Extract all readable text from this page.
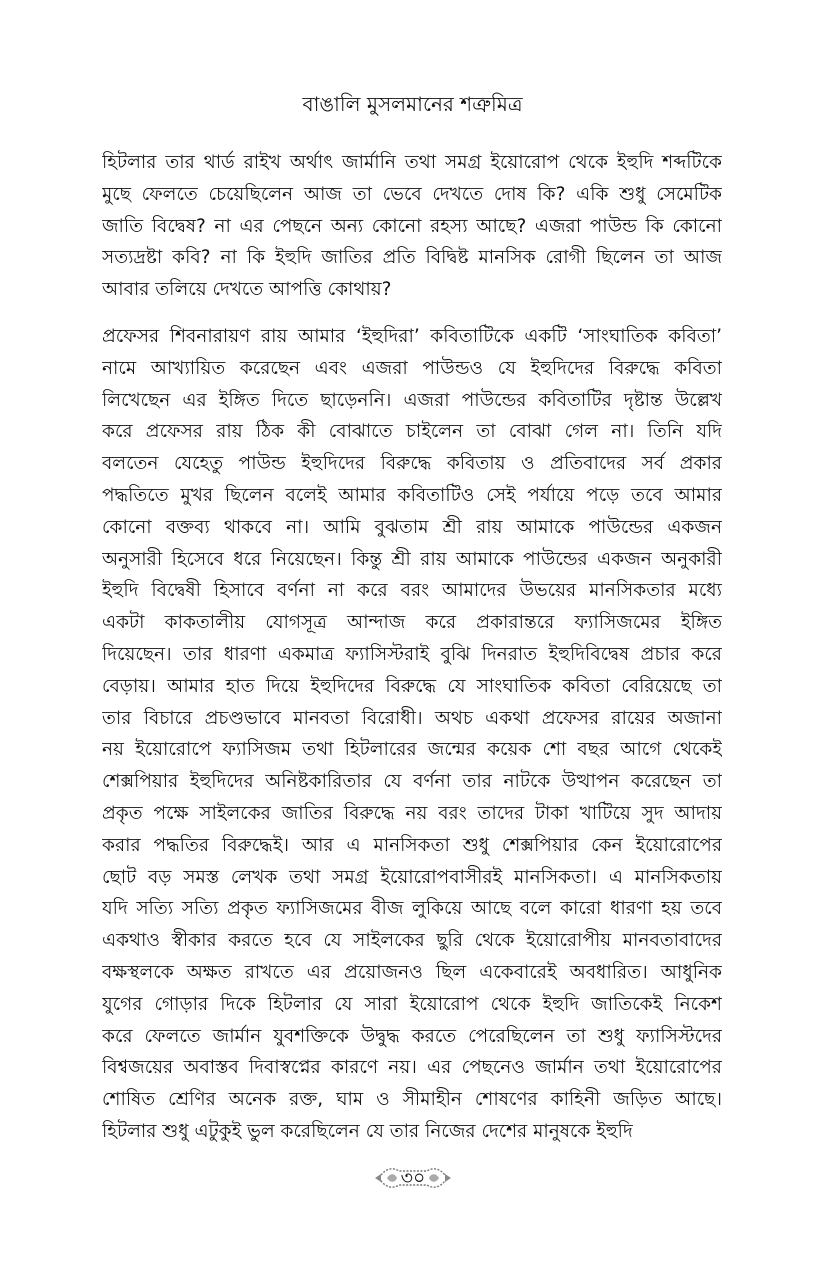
বাঙালি মুসলমানের শত্রুমিত্র
হিটলার তার থার্ড রাইখ অর্থাৎ জার্মানি তথা সমগ্র ইয়োরোপ থেকে ইহুদি শব্দটিকে
মুছে ফেলতে চেয়েছিলেন আজ তা ভেবে দেখতে দোষ কি? একি শুধু সেমেটিক
জাতি বিদ্বেষ? না এর পেছনে অন্য কোনো রহস্য আছে? এজরা পাউন্ড কি কোনো
সত্যদ্রষ্টা কবি? না কি ইহুদি জাতির প্রতি বিদ্বিষ্ট মানসিক রোগী ছিলেন তা আজ
আবার তলিয়ে দেখতে আপত্তি কোথায়?
প্রফেসর শিবনারায়ণ রায় আমার ‘ইহুদিরা’ কবিতাটিকে একটি ‘সাংঘাতিক কবিতা’
নামে আখ্যায়িত করেছেন এবং এজরা পাউন্ডও যে ইহুদিদের বিরুদ্ধে কবিতা
লিখেছেন এর ইঙ্গিত দিতে ছাড়েননি। এজরা পাউন্ডের কবিতাটির দৃষ্টান্ত উল্লেখ
করে প্রফেসর রায় ঠিক কী বোঝাতে চাইলেন তা বোঝা গেল না। তিনি যদি
বলতেন যেহেতু পাউন্ড ইহুদিদের বিরুদ্ধে কবিতায় ও প্রতিবাদের সর্ব প্রকার
পদ্ধতিতে মুখর ছিলেন বলেই আমার কবিতাটিও সেই পর্যায়ে পড়ে তবে আমার
কোনো বক্তব্য থাকবে না। আমি বুঝতাম শ্রী রায় আমাকে পাউন্ডের একজন
অনুসারী হিসেবে ধরে নিয়েছেন। কিন্তু শ্রী রায় আমাকে পাউন্ডের একজন অনুকারী
ইহুদি বিদ্বেষী হিসাবে বর্ণনা না করে বরং আমাদের উভয়ের মানসিকতার মধ্যে
একটা কাকতালীয় যোগসূত্র আন্দাজ করে প্রকারান্তরে ফ্যাসিজমের ইঙ্গিত
দিয়েছেন। তার ধারণা একমাত্র ফ্যাসিস্টরাই বুঝি দিনরাত ইহুদিবিদ্বেষ প্রচার করে
বেড়ায়। আমার হাত দিয়ে ইহুদিদের বিরুদ্ধে যে সাংঘাতিক কবিতা বেরিয়েছে তা
তার বিচারে প্রচণ্ডভাবে মানবতা বিরোধী। অথচ একথা প্রফেসর রায়ের অজানা
নয় ইয়োরোপে ফ্যাসিজম তথা হিটলারের জন্মের কয়েক শো বছর আগে থেকেই
শেক্সপিয়ার ইহুদিদের অনিষ্টকারিতার যে বর্ণনা তার নাটকে উত্থাপন করেছেন তা
প্রকৃত পক্ষে সাইলকের জাতির বিরুদ্ধে নয় বরং তাদের টাকা খাটিয়ে সুদ আদায়
করার পদ্ধতির বিরুদ্ধেই। আর এ মানসিকতা শুধু শেক্সপিয়ার কেন ইয়োরোপের
ছোট বড় সমস্ত লেখক তথা সমগ্র ইয়োরোপবাসীরই মানসিকতা। এ মানসিকতায়
যদি সত্যি সত্যি প্রকৃত ফ্যাসিজমের বীজ লুকিয়ে আছে বলে কারো ধারণা হয় তবে
একথাও স্বীকার করতে হবে যে সাইলকের ছুরি থেকে ইয়োরোপীয় মানবতাবাদের
বক্ষস্থলকে অক্ষত রাখতে এর প্রয়োজনও ছিল একেবারেই অবধারিত। আধুনিক
যুগের গোড়ার দিকে হিটলার যে সারা ইয়োরোপ থেকে ইহুদি জাতিকেই নিকেশ
করে ফেলতে জার্মান যুবশক্তিকে উদ্বুদ্ধ করতে পেরেছিলেন তা শুধু ফ্যাসিস্টদের
বিশ্বজয়ের অবাস্তব দিবাস্বপ্নের কারণে নয়। এর পেছনেও জার্মান তথা ইয়োরোপের
শোষিত শ্রেণির অনেক রক্ত, ঘাম ও সীমাহীন শোষণের কাহিনী জড়িত আছে।
হিটলার শুধু এটুকুই ভুল করেছিলেন যে তার নিজের দেশের মানুষকে ইহুদি
৩০
